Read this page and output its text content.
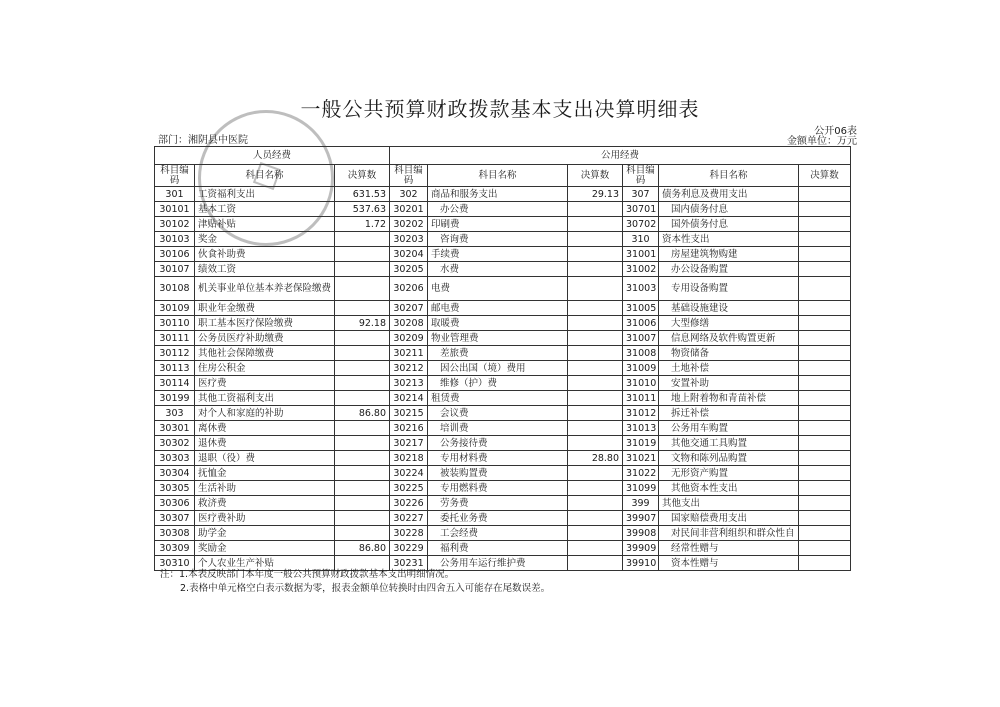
一般公共预算财政拨款基本支出决算明细表
公开06表
部门：湘阴县中医院	金额单位：万元
人员经费			公用经费					
科目编码	科目名称	决算数	科目编码	科目名称	决算数	科目编码	科目名称	决算数
301	工资福利支出	631.53	302	商品和服务支出	29.13	307	债务利息及费用支出	
30101	基本工资	537.63	30201	办公费		30701	国内债务付息	
30102	津贴补贴	1.72	30202	印刷费		30702	国外债务付息	
30103	奖金		30203	咨询费		310	资本性支出	
30106	伙食补助费		30204	手续费		31001	房屋建筑物购建	
30107	绩效工资		30205	水费		31002	办公设备购置	
30108	机关事业单位基本养老保险缴费		30206	电费		31003	专用设备购置	
30109	职业年金缴费		30207	邮电费		31005	基础设施建设	
30110	职工基本医疗保险缴费	92.18	30208	取暖费		31006	大型修缮	
30111	公务员医疗补助缴费		30209	物业管理费		31007	信息网络及软件购置更新	
30112	其他社会保障缴费		30211	差旅费		31008	物资储备	
30113	住房公积金		30212	因公出国（境）费用		31009	土地补偿	
30114	医疗费		30213	维修（护）费		31010	安置补助	
30199	其他工资福利支出		30214	租赁费		31011	地上附着物和青苗补偿	
303	对个人和家庭的补助	86.80	30215	会议费		31012	拆迁补偿	
30301	离休费		30216	培训费		31013	公务用车购置	
30302	退休费		30217	公务接待费		31019	其他交通工具购置	
30303	退职（役）费		30218	专用材料费	28.80	31021	文物和陈列品购置	
30304	抚恤金		30224	被装购置费		31022	无形资产购置	
30305	生活补助		30225	专用燃料费		31099	其他资本性支出	
30306	救济费		30226	劳务费		399	其他支出	
30307	医疗费补助		30227	委托业务费		39907	国家赔偿费用支出	
30308	助学金		30228	工会经费		39908	对民间非营利组织和群众性自	
30309	奖励金	86.80	30229	福利费		39909	经常性赠与	
30310	个人农业生产补贴		30231	公务用车运行维护费		39910	资本性赠与	
注：1.本表反映部门本年度一般公共预算财政拨款基本支出明细情况。
2.表格中单元格空白表示数据为零，报表金额单位转换时由四舍五入可能存在尾数误差。
